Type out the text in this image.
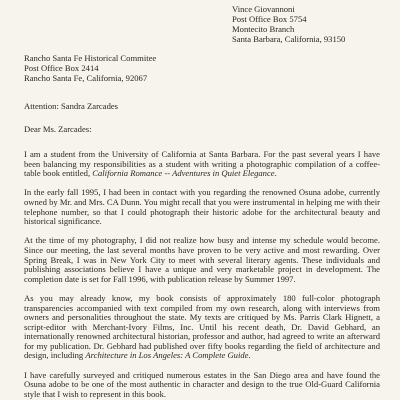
Vince Giovannoni
Post Office Box 5754
Montecito Branch
Santa Barbara, California, 93150
Rancho Santa Fe Historical Commitee
Post Office Box 2414
Rancho Santa Fe, California, 92067
Attention: Sandra Zarcades
Dear Ms. Zarcades:

I am a student from the University of California at Santa Barbara. For the past several years I have been balancing my responsibilities as a student with writing a photographic compilation of a coffee-table book entitled, California Romance -- Adventures in Quiet Elegance.

In the early fall 1995, I had been in contact with you regarding the renowned Osuna adobe, currently owned by Mr. and Mrs. CA Dunn. You might recall that you were instrumental in helping me with their telephone number, so that I could photograph their historic adobe for the architectural beauty and historical significance.

At the time of my photography, I did not realize how busy and intense my schedule would become. Since our meeting, the last several months have proven to be very active and most rewarding. Over Spring Break, I was in New York City to meet with several literary agents. These individuals and publishing associations believe I have a unique and very marketable project in development. The completion date is set for Fall 1996, with publication release by Summer 1997.

As you may already know, my book consists of approximately 180 full-color photograph transparencies accompanied with text compiled from my own research, along with interviews from owners and personalities throughout the state. My texts are critiqued by Ms. Parris Clark Hignett, a script-editor with Merchant-Ivory Films, Inc. Until his recent death, Dr. David Gebhard, an internationally renowned architectural historian, professor and author, had agreed to write an afterward for my publication. Dr. Gebhard had published over fifty books regarding the field of architecture and design, including Architecture in Los Angeles: A Complete Guide.

I have carefully surveyed and critiqued numerous estates in the San Diego area and have found the Osuna adobe to be one of the most authentic in character and design to the true Old-Guard California style that I wish to represent in this book.
